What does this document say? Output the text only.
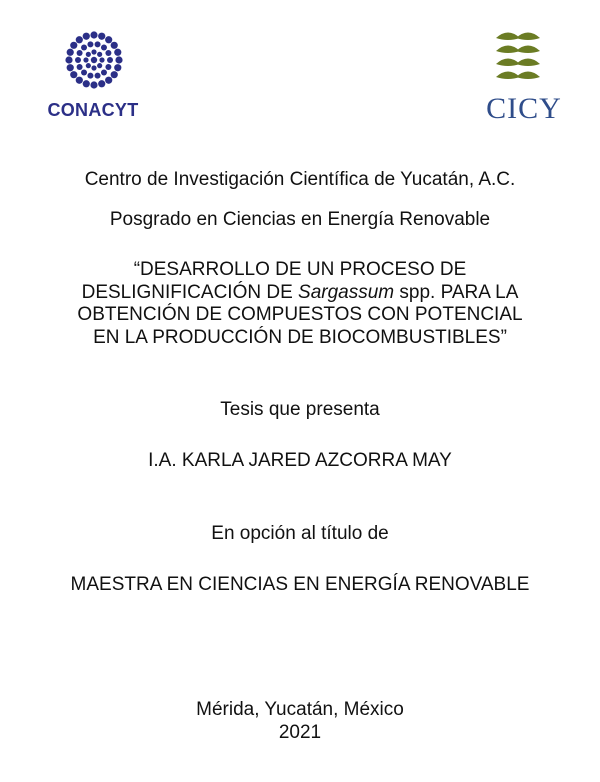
CONACYT	CICY
Centro de Investigación Científica de Yucatán, A.C.
Posgrado en Ciencias en Energía Renovable
“DESARROLLO DE UN PROCESO DE
DESLIGNIFICACIÓN DE Sargassum spp. PARA LA
OBTENCIÓN DE COMPUESTOS CON POTENCIAL
EN LA PRODUCCIÓN DE BIOCOMBUSTIBLES”
Tesis que presenta
I.A. KARLA JARED AZCORRA MAY
En opción al título de
MAESTRA EN CIENCIAS EN ENERGÍA RENOVABLE
Mérida, Yucatán, México
2021
